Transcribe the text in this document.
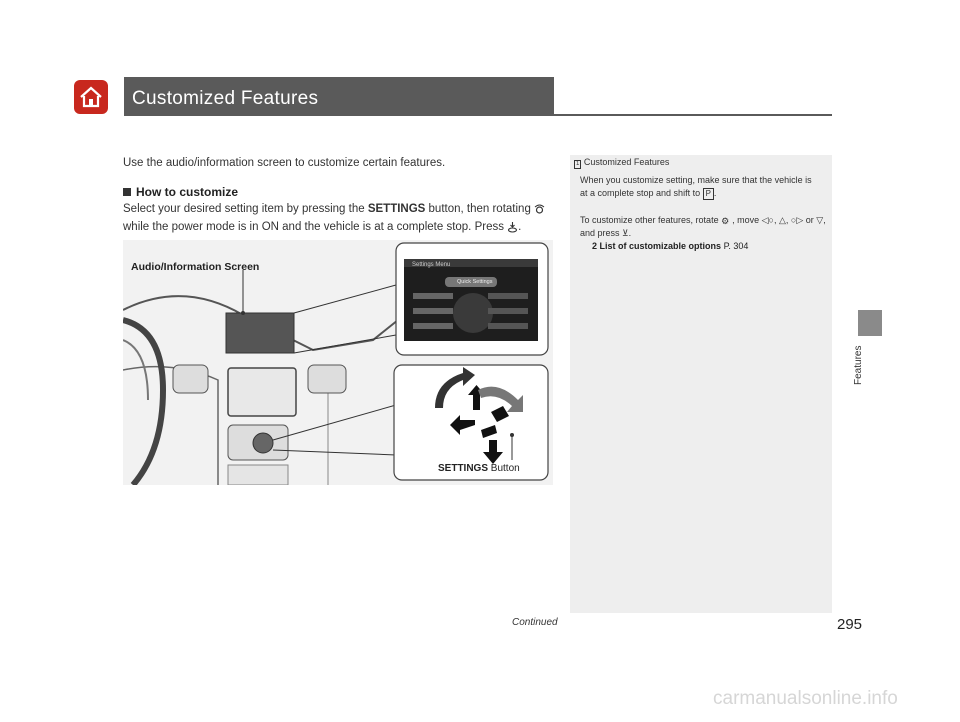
Customized Features
Features
Use the audio/information screen to customize certain features.
How to customize
Select your desired setting item by pressing the SETTINGS button, then rotating  while the power mode is in ON and the vehicle is at a complete stop. Press .
Audio/Information Screen	Settings Menu
Quick Settings
SETTINGS Button
1 Customized Features
When you customize setting, make sure that the vehicle is at a complete stop and shift to P .
To customize other features, rotate ⚙ , move ◁○, △, ○▷ or ▽, and press ⊻.
2 List of customizable options P. 304
Continued	295
carmanualsonline.info
